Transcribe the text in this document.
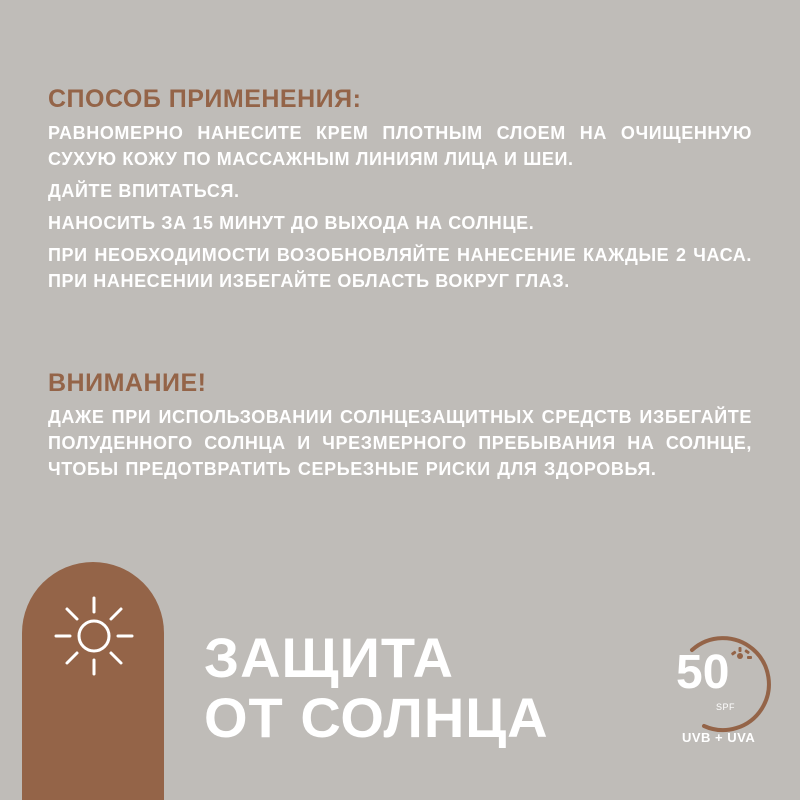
СПОСОБ ПРИМЕНЕНИЯ:

РАВНОМЕРНО НАНЕСИТЕ КРЕМ ПЛОТНЫМ СЛОЕМ НА ОЧИЩЕННУЮ СУХУЮ КОЖУ ПО МАССАЖНЫМ ЛИНИЯМ ЛИЦА И ШЕИ.

ДАЙТЕ ВПИТАТЬСЯ.

НАНОСИТЬ ЗА 15 МИНУТ ДО ВЫХОДА НА СОЛНЦЕ.

ПРИ НЕОБХОДИМОСТИ ВОЗОБНОВЛЯЙТЕ НАНЕСЕНИЕ КАЖДЫЕ 2 ЧАСА. ПРИ НАНЕСЕНИИ ИЗБЕГАЙТЕ ОБЛАСТЬ ВОКРУГ ГЛАЗ.

ВНИМАНИЕ!

ДАЖЕ ПРИ ИСПОЛЬЗОВАНИИ СОЛНЦЕЗАЩИТНЫХ СРЕДСТВ ИЗБЕГАЙТЕ ПОЛУДЕННОГО СОЛНЦА И ЧРЕЗМЕРНОГО ПРЕБЫВАНИЯ НА СОЛНЦЕ, ЧТОБЫ ПРЕДОТВРАТИТЬ СЕРЬЕЗНЫЕ РИСКИ ДЛЯ ЗДОРОВЬЯ.

ЗАЩИТА
ОТ СОЛНЦА
50
SPF
UVB + UVA
